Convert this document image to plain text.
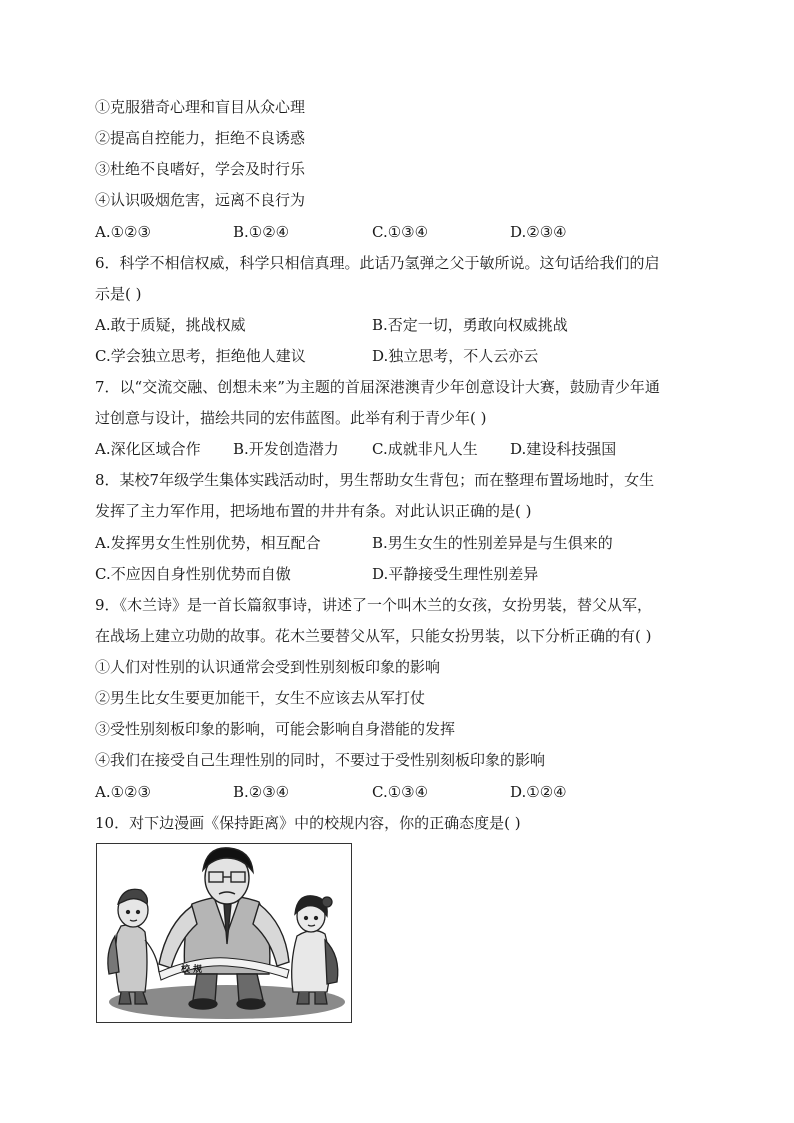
①克服猎奇心理和盲目从众心理
②提高自控能力，拒绝不良诱惑
③杜绝不良嗜好，学会及时行乐
④认识吸烟危害，远离不良行为
A.①②③	B.①②④	C.①③④	D.②③④
6．科学不相信权威，科学只相信真理。此话乃氢弹之父于敏所说。这句话给我们的启
示是( )
A.敢于质疑，挑战权威	B.否定一切，勇敢向权威挑战
C.学会独立思考，拒绝他人建议	D.独立思考，不人云亦云
7．以“交流交融、创想未来”为主题的首届深港澳青少年创意设计大赛，鼓励青少年通
过创意与设计，描绘共同的宏伟蓝图。此举有利于青少年( )
A.深化区域合作 B.开发创造潜力 C.成就非凡人生 D.建设科技强国
8．某校7年级学生集体实践活动时，男生帮助女生背包；而在整理布置场地时，女生
发挥了主力军作用，把场地布置的井井有条。对此认识正确的是( )
A.发挥男女生性别优势，相互配合	B.男生女生的性别差异是与生俱来的
C.不应因自身性别优势而自傲	D.平静接受生理性别差异
9．《木兰诗》是一首长篇叙事诗，讲述了一个叫木兰的女孩，女扮男装，替父从军，
在战场上建立功勋的故事。花木兰要替父从军，只能女扮男装，以下分析正确的有( )
①人们对性别的认识通常会受到性别刻板印象的影响
②男生比女生要更加能干，女生不应该去从军打仗
③受性别刻板印象的影响，可能会影响自身潜能的发挥
④我们在接受自己生理性别的同时，不要过于受性别刻板印象的影响
A.①②③	B.②③④	C.①③④	D.①②④
10．对下边漫画《保持距离》中的校规内容，你的正确态度是( )
校 规
